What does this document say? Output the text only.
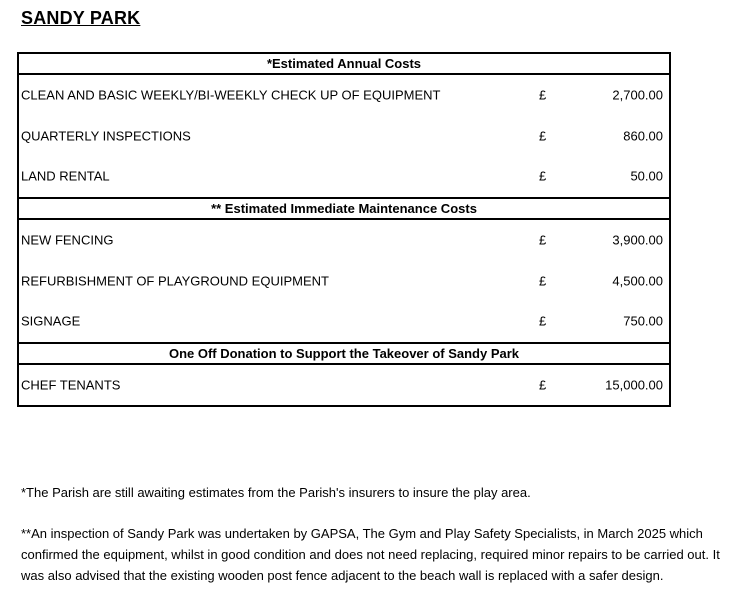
SANDY PARK
*Estimated Annual Costs
CLEAN AND BASIC WEEKLY/BI-WEEKLY CHECK UP OF EQUIPMENT	£	2,700.00
QUARTERLY INSPECTIONS	£	860.00
LAND RENTAL	£	50.00
** Estimated Immediate Maintenance Costs
NEW FENCING	£	3,900.00
REFURBISHMENT OF PLAYGROUND EQUIPMENT	£	4,500.00
SIGNAGE	£	750.00
One Off Donation to Support the Takeover of Sandy Park
CHEF TENANTS	£	15,000.00

*The Parish are still awaiting estimates from the Parish's insurers to insure the play area.

**An inspection of Sandy Park was undertaken by GAPSA, The Gym and Play Safety Specialists, in March 2025 which confirmed the equipment, whilst in good condition and does not need replacing, required minor repairs to be carried out. It was also advised that the existing wooden post fence adjacent to the beach wall is replaced with a safer design.
